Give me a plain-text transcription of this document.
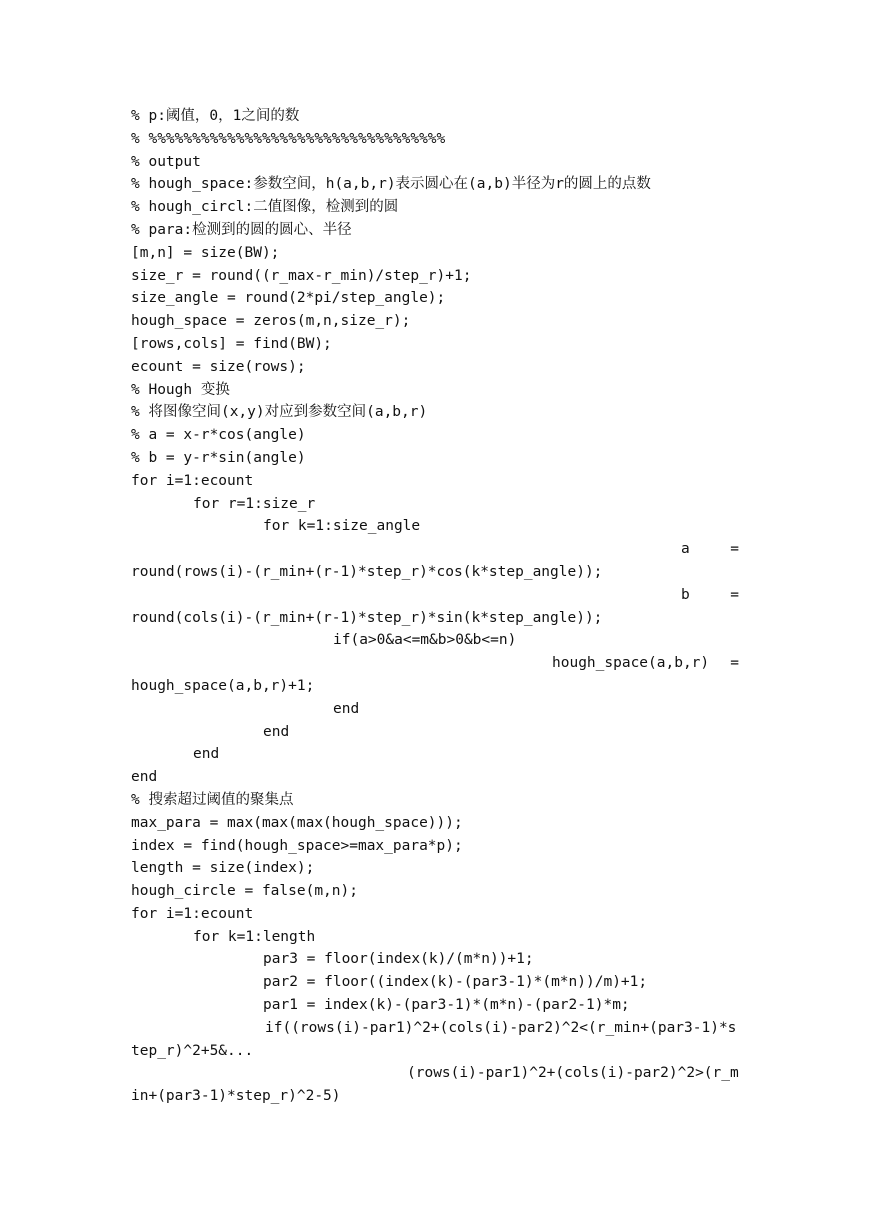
% p:阈值，0，1之间的数
% %%%%%%%%%%%%%%%%%%%%%%%%%%%%%%%%%%
% output
% hough_space:参数空间，h(a,b,r)表示圆心在(a,b)半径为r的圆上的点数
% hough_circl:二值图像，检测到的圆
% para:检测到的圆的圆心、半径
[m,n] = size(BW);
size_r = round((r_max-r_min)/step_r)+1;
size_angle = round(2*pi/step_angle);
hough_space = zeros(m,n,size_r);
[rows,cols] = find(BW);
ecount = size(rows);
% Hough 变换
% 将图像空间(x,y)对应到参数空间(a,b,r)
% a = x-r*cos(angle)
% b = y-r*sin(angle)
for i=1:ecount
for r=1:size_r
for k=1:size_angle
a	=
round(rows(i)-(r_min+(r-1)*step_r)*cos(k*step_angle));
b	=
round(cols(i)-(r_min+(r-1)*step_r)*sin(k*step_angle));
if(a>0&a<=m&b>0&b<=n)
hough_space(a,b,r) =
hough_space(a,b,r)+1;
end
end
end
end
% 搜索超过阈值的聚集点
max_para = max(max(max(hough_space)));
index = find(hough_space>=max_para*p);
length = size(index);
hough_circle = false(m,n);
for i=1:ecount
for k=1:length
par3 = floor(index(k)/(m*n))+1;
par2 = floor((index(k)-(par3-1)*(m*n))/m)+1;
par1 = index(k)-(par3-1)*(m*n)-(par2-1)*m;
if((rows(i)-par1)^2+(cols(i)-par2)^2<(r_min+(par3-1)*s
tep_r)^2+5&...
(rows(i)-par1)^2+(cols(i)-par2)^2>(r_m
in+(par3-1)*step_r)^2-5)
